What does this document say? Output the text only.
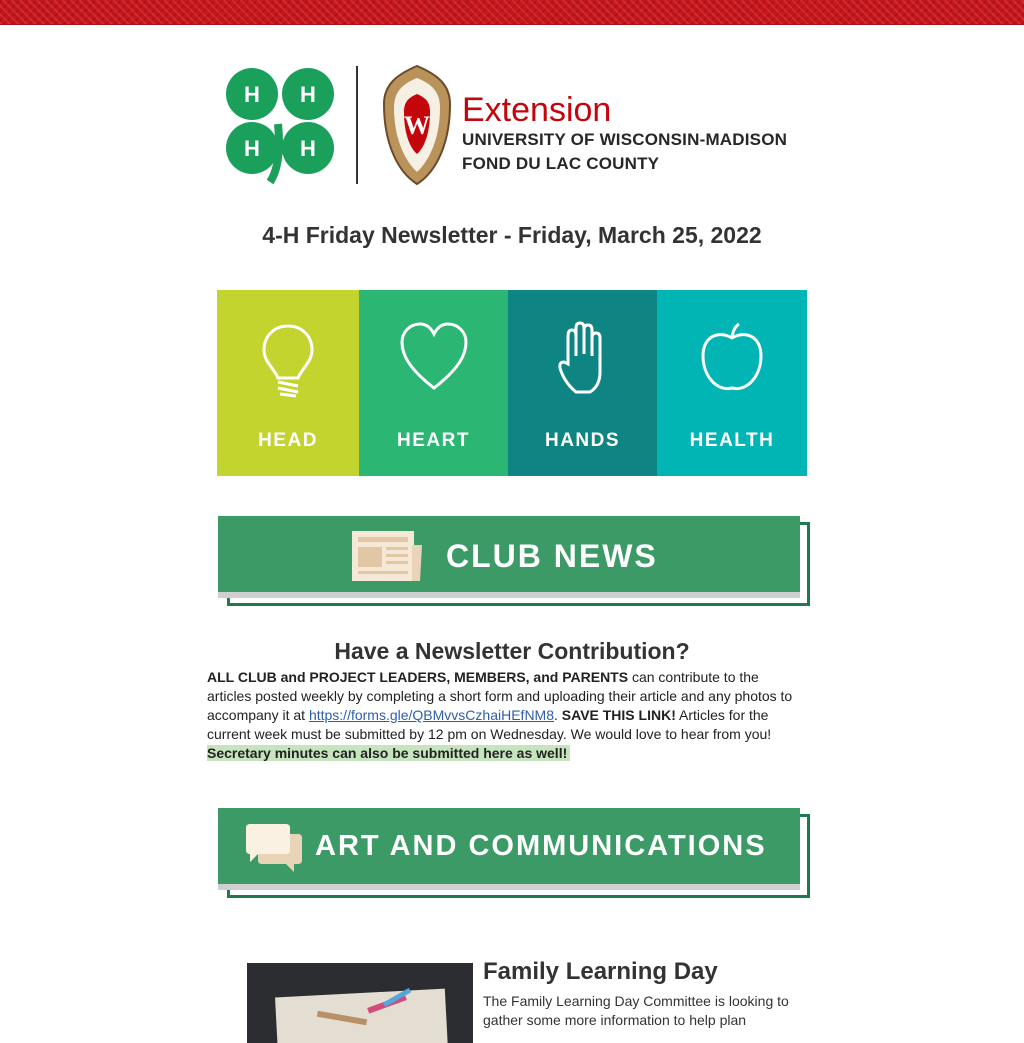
H H
H H
W Extension
UNIVERSITY OF WISCONSIN-MADISON
FOND DU LAC COUNTY
4-H Friday Newsletter - Friday, March 25, 2022
HEAD	HEART	HANDS	HEALTH
CLUB NEWS
Have a Newsletter Contribution?
ALL CLUB and PROJECT LEADERS, MEMBERS, and PARENTS can contribute to the articles posted weekly by completing a short form and uploading their article and any photos to accompany it at https://forms.gle/QBMvvsCzhaiHEfNM8. SAVE THIS LINK! Articles for the current week must be submitted by 12 pm on Wednesday. We would love to hear from you!
Secretary minutes can also be submitted here as well!
ART AND COMMUNICATIONS
Family Learning Day
The Family Learning Day Committee is looking to gather some more information to help plan
